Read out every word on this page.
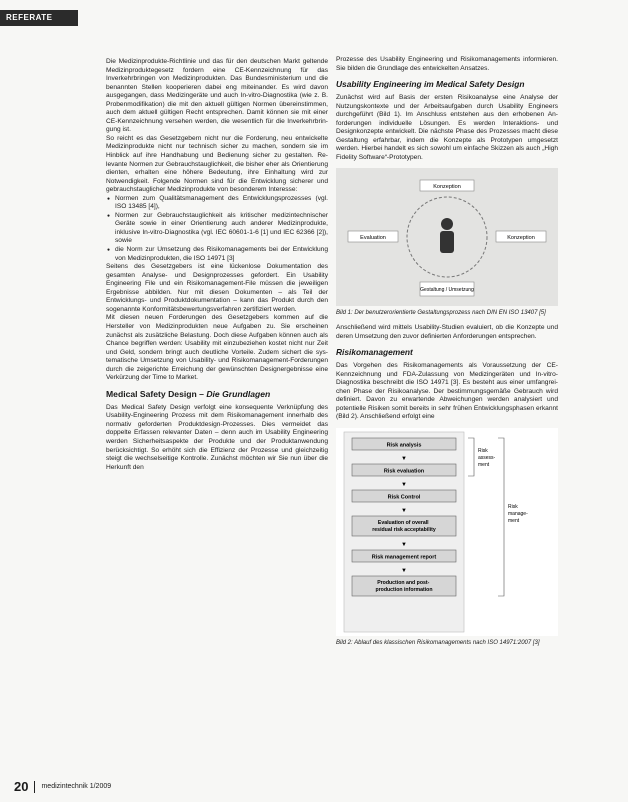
REFERATE

Die Medizinprodukte-Richtlinie und das für den deutschen Markt geltende Medizinproduktegesetz fordern eine CE-Kennzeichnung für das Inverkehrbringen von Medizinprodukten. Das Bundesministerium und die benannten Stellen kooperieren dabei eng miteinander. Es wird davon ausgegangen, dass Medizingeräte und auch In-vitro-Diagnostika (wie z. B. Probenmodifikation) die mit den aktuell gültigen Normen übereinstimmen, auch dem aktuell gültigen Recht entsprechen. Damit können sie mit einer CE-Kennzeichnung versehen werden, die wesentlich für die Inverkehrbringung ist.

So reicht es das Gesetzgebern nicht nur die Forderung, neu entwickelte Medizinprodukte nicht nur technisch sicher zu machen, sondern sie im Hinblick auf ihre Handhabung und Bedienung sicher zu gestalten. Relevante Normen zur Gebrauchstauglichkeit, die bisher eher als Orientierung dienten, erhalten eine höhere Bedeutung, ihre Einhaltung wird zur Notwendigkeit. Folgende Normen sind für die Entwicklung sicherer und gebrauchstauglicher Medizinprodukte von besonderem Interesse:

● Normen zum Qualitätsmanagement des Entwicklungsprozesses (vgl. ISO 13485 [4]),
● Normen zur Gebrauchstauglichkeit als kritischer medizintechnischer Geräte sowie in einer Orientierung auch anderer Medizinprodukte, inklusive In-vitro-Diagnostika (vgl. IEC 60601-1-6 [1] und IEC 62366 [2]), sowie
● die Norm zur Umsetzung des Risikomanagements bei der Entwicklung von Medizinprodukten, die ISO 14971 [3]

Seitens des Gesetzgebers ist eine lückenlose Dokumentation des gesamten Analyse- und Designprozesses gefordert. Ein Usability Engineering File und ein Risikomanagement-File müssen die jeweiligen Ergebnisse abbilden. Nur mit diesen Dokumenten – als Teil der Entwicklungs- und Produktdokumentation – kann das Produkt durch den sogenannte Konformitätsbewertungsverfahren zertifiziert werden.

Mit diesen neuen Forderungen des Gesetzgebers kommen auf die Hersteller von Medizinprodukten neue Aufgaben zu. Sie erscheinen zunächst als zusätzliche Belastung. Doch diese Aufgaben können auch als Chance begriffen werden: Usability mit einzubeziehen kostet nicht nur Zeit und Geld, sondern bringt auch deutliche Vorteile. Zudem sichert die systematische Umsetzung von Usability- und Risikomanagement-Forderungen durch die zeigerichte Erreichung der gewünschten Designergebnisse eine Verkürzung der Time to Market.

Medical Safety Design – Die Grundlagen

Das Medical Safety Design verfolgt eine konsequente Verknüpfung des Usability-Engineering Prozess mit dem Risikomanagement innerhalb des normativ geforderten Produktdesign-Prozesses. Dies vermeidet das doppelte Erfassen relevanter Daten – denn auch im Usability Engineering werden Sicherheitsaspekte der Produkte und der Produktanwendung berücksichtigt. So erhöht sich die Effizienz der Prozesse und gleichzeitig steigt die wechselseitige Kontrolle. Zunächst möchten wir Sie nun über die Herkunft den

Prozesse des Usability Engineering und Risikomanagements informieren. Sie bilden die Grundlage des entwickelten Ansatzes.

Usability Engineering im Medical Safety Design

Zunächst wird auf Basis der ersten Risikoanalyse eine Analyse der Nutzungskontexte und der Arbeitsaufgaben durch Usability Engineers durchgeführt (Bild 1). Im Anschluss entstehen aus den erhobenen Anforderungen individuelle Lösungen. Es werden Interaktions- und Designkonzepte entwickelt. Die nächste Phase des Prozesses macht diese Gestaltung erfahrbar, indem die Konzepte als Prototypen umgesetzt werden. Hierbei handelt es sich sowohl um einfache Skizzen als auch „High Fidelity Software“-Prototypen.

Konzeption
Evaluation	Konzeption
Gestaltung / Umsetzung
Bild 1: Der benutzerorientierte Gestaltungsprozess nach DIN EN ISO 13407 [5]

Anschließend wird mittels Usability-Studien evaluiert, ob die Konzepte und deren Umsetzung den zuvor definierten Anforderungen entsprechen.

Risikomanagement

Das Vorgehen des Risikomanagements als Voraussetzung der CE-Kennzeichnung und FDA-Zulassung von Medizingeräten und In-vitro-Diagnostika beschreibt die ISO 14971 [3]. Es besteht aus einer umfangreichen Phase der Risikoanalyse. Der bestimmungsgemäße Gebrauch wird definiert. Davon zu erwartende Abweichungen werden analysiert und potentielle Risiken somit bereits in sehr frühen Entwicklungsphasen erkannt (Bild 2). Anschließend erfolgt eine

Risk analysis
▼
Risk evaluation
▼
Risk Control
▼
Evaluation of overall residual risk acceptability
▼
Risk management report
▼
Production and post- production information
Risk assess- ment
Risk manage- ment
Bild 2: Ablauf des klassischen Risikomanagements nach ISO 14971:2007 [3]
20 medizintechnik 1/2009
